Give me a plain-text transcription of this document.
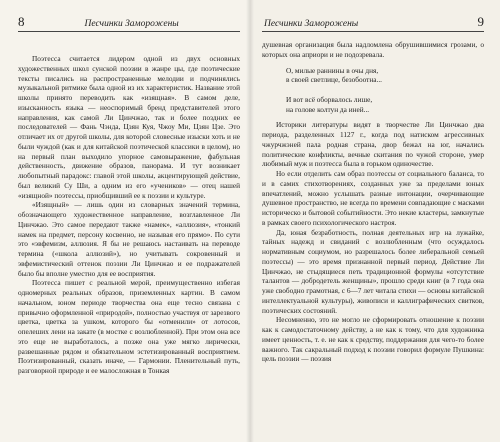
8	Песчинки Заморожены

Поэтесса считается лидером одной из двух основных художественных школ сунской поэзии в жанре цы, где поэтические тексты писались на распространенные мелодии и подчинялись музыкальной ритмике была одной из их характеристик. Название этой школы принято переводить как «изящная». В самом деле, изысканность языка — неоспоримый бренд представителей этого направления, как самой Ли Цинчжао, так и более поздних ее последователей — Фань Чэнда, Цзян Куя, Чжоу Ми, Цзян Цзе. Это отличает их от другой школы, для которой словесные изыски хоть и не были чуждой (как и для китайской поэтической классики в целом), но на первый план выходило упорное самовыражение, фабульная действенность, движение образов, панорама. И тут возникает любопытный парадокс: главой этой школы, акцентирующей действие, был великий Су Ши, а одним из его «учеников» — отец нашей «изящной» поэтессы, приобщивший ее к поэзии и культуре.

«Изящный» — лишь один из словарных значений термина, обозначающего художественное направление, возглавленное Ли Цинчжао. Это самое передают также «намек», «аллюзия», «тонкий намек на предмет, персону косвенно, не называя его прямо». По сути это «эвфемизм, аллюзия. Я бы не решаюсь настаивать на переводе термина («школа аллюзий»), но учитывать сокровенный и эвфемистический оттенок поэзии Ли Цинчжао и ее подражателей было бы вполне уместно для ее восприятия.

Поэтесса пишет с реальной мерой, преимущественно избегая одномерных реальных образов, приземленных картин. В самом начальном, юном периоде творчества она еще тесно связана с привычно оформленной «природой», полностью участвуя от зарезвого цветка, цветка за ушком, которого бы «отменили» от лотосов, опелеших лени на закате (в мостке с возлюбленной). При этом она все это еще не выработалось, а позже она уже мягко лирически, развешанные рядом и обязательном эстетизированный восприятием. Поэтизированный, сказать иначе, — Гармонии. Пленительный путь, разговорной природе и ее малосложная в Тонкая

Песчинки Заморожены	9

душевная организация была надломлена обрушившимися грозами, о которых она априори и не подозревала.

О, милые раннины в очы дня,
в своей светлице, безобоотна...
И вот всё оборвалось лише,
на голове колтун да иней...

Историки литературы видят в творчестве Ли Цинчжао два периода, разделенных 1127 г., когда под натиском агрессивных чжурчжэней пала родная страна, двор бежал на юг, начались политические конфликты, вечные скитания по чужой стороне, умер любимый муж и поэтесса была в горьком одиночестве.

Но если отделить сам образ поэтессы от социального баланса, то и в самих стихотворениях, созданных уже за пределами юных впечатлений, можно услышать разные интонации, очерчивающие душевное пространство, не всегда по времени совпадающие с масками историческо и бытовой событийности. Это некие кластеры, замкнутые в рамках своего психологического настроя.

Да, юная безработность, полная деятельных игр на лужайке, тайных надежд и свиданий с возлюбленным (что осуждалось нормативным социумом, но разрешалось более либеральной семьей поэтессы) — это время признанной первый период. Действие Ли Цинчжао, не стыдящиеся петь традиционной формулы «отсутствие талантов — добродетель женщины», прошло среди книг (в 7 года она уже свободно грамотная, с 6—7 лет читала стихи — основы китайской интеллектуальной культуры), живописи и каллиграфических свитков, поэтических состояний.

Несомненно, это не могло не сформировать отношение к поэзии как к самодостаточному действу, а не как к тому, что для художника имеет ценность, т. е. не как к средству, поддержания для чего-то более важного. Так сакральный подход к поэзии говорил формуле Пушкина: цель поэзии — поэзия
